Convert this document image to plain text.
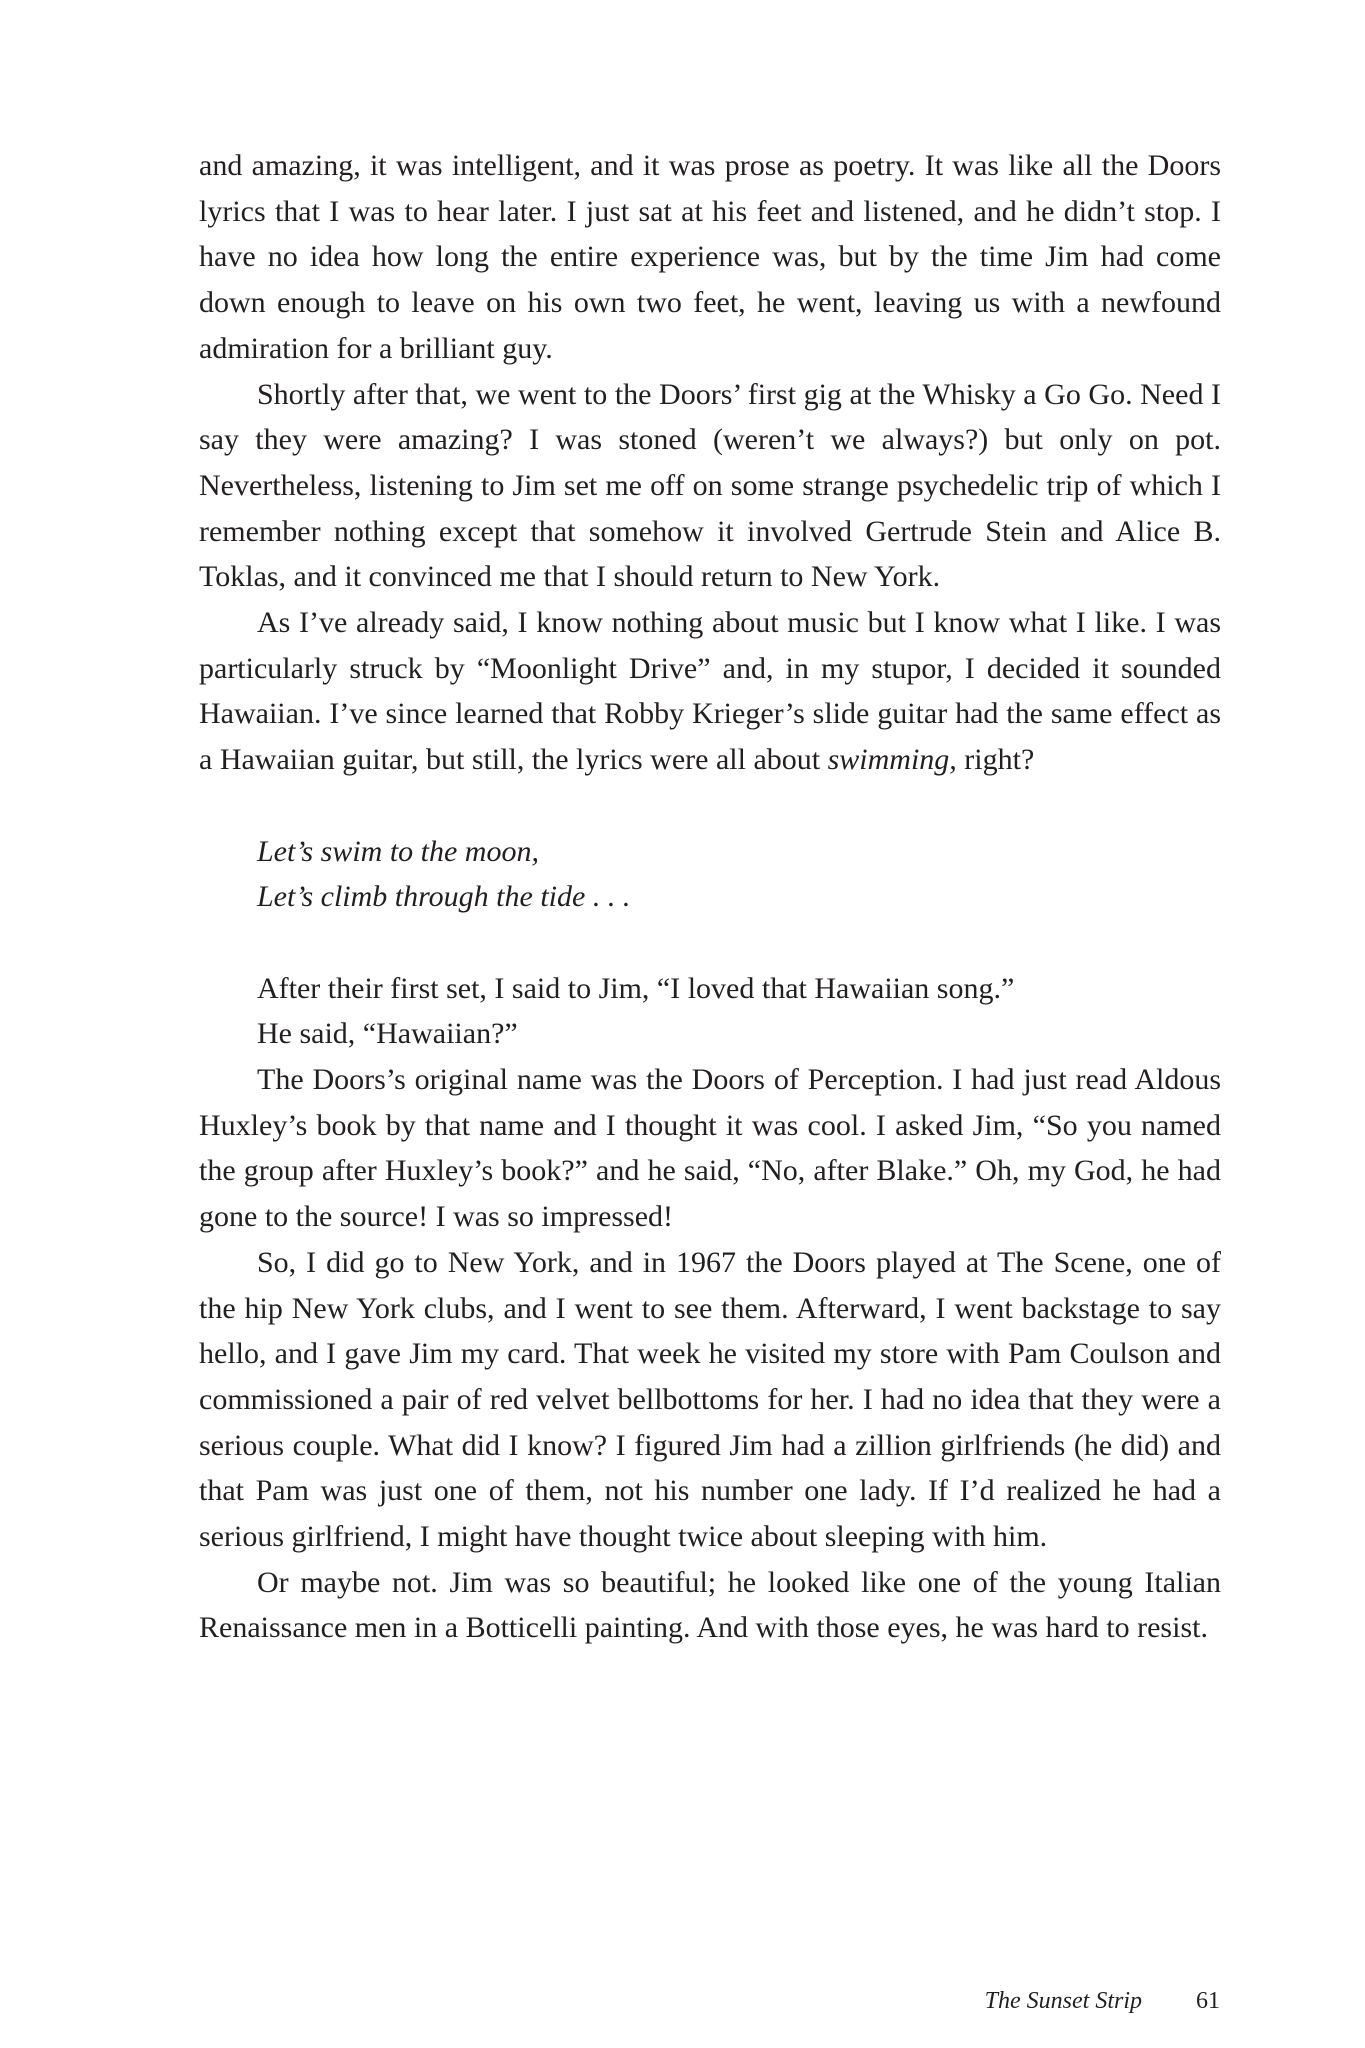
and amazing, it was intelligent, and it was prose as poetry. It was like all the Doors lyrics that I was to hear later. I just sat at his feet and listened, and he didn’t stop. I have no idea how long the entire experience was, but by the time Jim had come down enough to leave on his own two feet, he went, leaving us with a newfound admiration for a brilliant guy.

Shortly after that, we went to the Doors’ first gig at the Whisky a Go Go. Need I say they were amazing? I was stoned (weren’t we always?) but only on pot. Nevertheless, listening to Jim set me off on some strange psychedelic trip of which I remember nothing except that somehow it involved Gertrude Stein and Alice B. Toklas, and it convinced me that I should return to New York.

As I’ve already said, I know nothing about music but I know what I like. I was particularly struck by “Moonlight Drive” and, in my stupor, I decided it sounded Hawaiian. I’ve since learned that Robby Krieger’s slide guitar had the same effect as a Hawaiian guitar, but still, the lyrics were all about swimming, right?

Let’s swim to the moon,
Let’s climb through the tide . . .

After their first set, I said to Jim, “I loved that Hawaiian song.”

He said, “Hawaiian?”

The Doors’s original name was the Doors of Perception. I had just read Aldous Huxley’s book by that name and I thought it was cool. I asked Jim, “So you named the group after Huxley’s book?” and he said, “No, after Blake.” Oh, my God, he had gone to the source! I was so impressed!

So, I did go to New York, and in 1967 the Doors played at The Scene, one of the hip New York clubs, and I went to see them. Afterward, I went backstage to say hello, and I gave Jim my card. That week he visited my store with Pam Coulson and commissioned a pair of red velvet bellbottoms for her. I had no idea that they were a serious couple. What did I know? I figured Jim had a zillion girlfriends (he did) and that Pam was just one of them, not his number one lady. If I’d realized he had a serious girlfriend, I might have thought twice about sleeping with him.

Or maybe not. Jim was so beautiful; he looked like one of the young Italian Renaissance men in a Botticelli painting. And with those eyes, he was hard to resist.

The Sunset Strip 61
